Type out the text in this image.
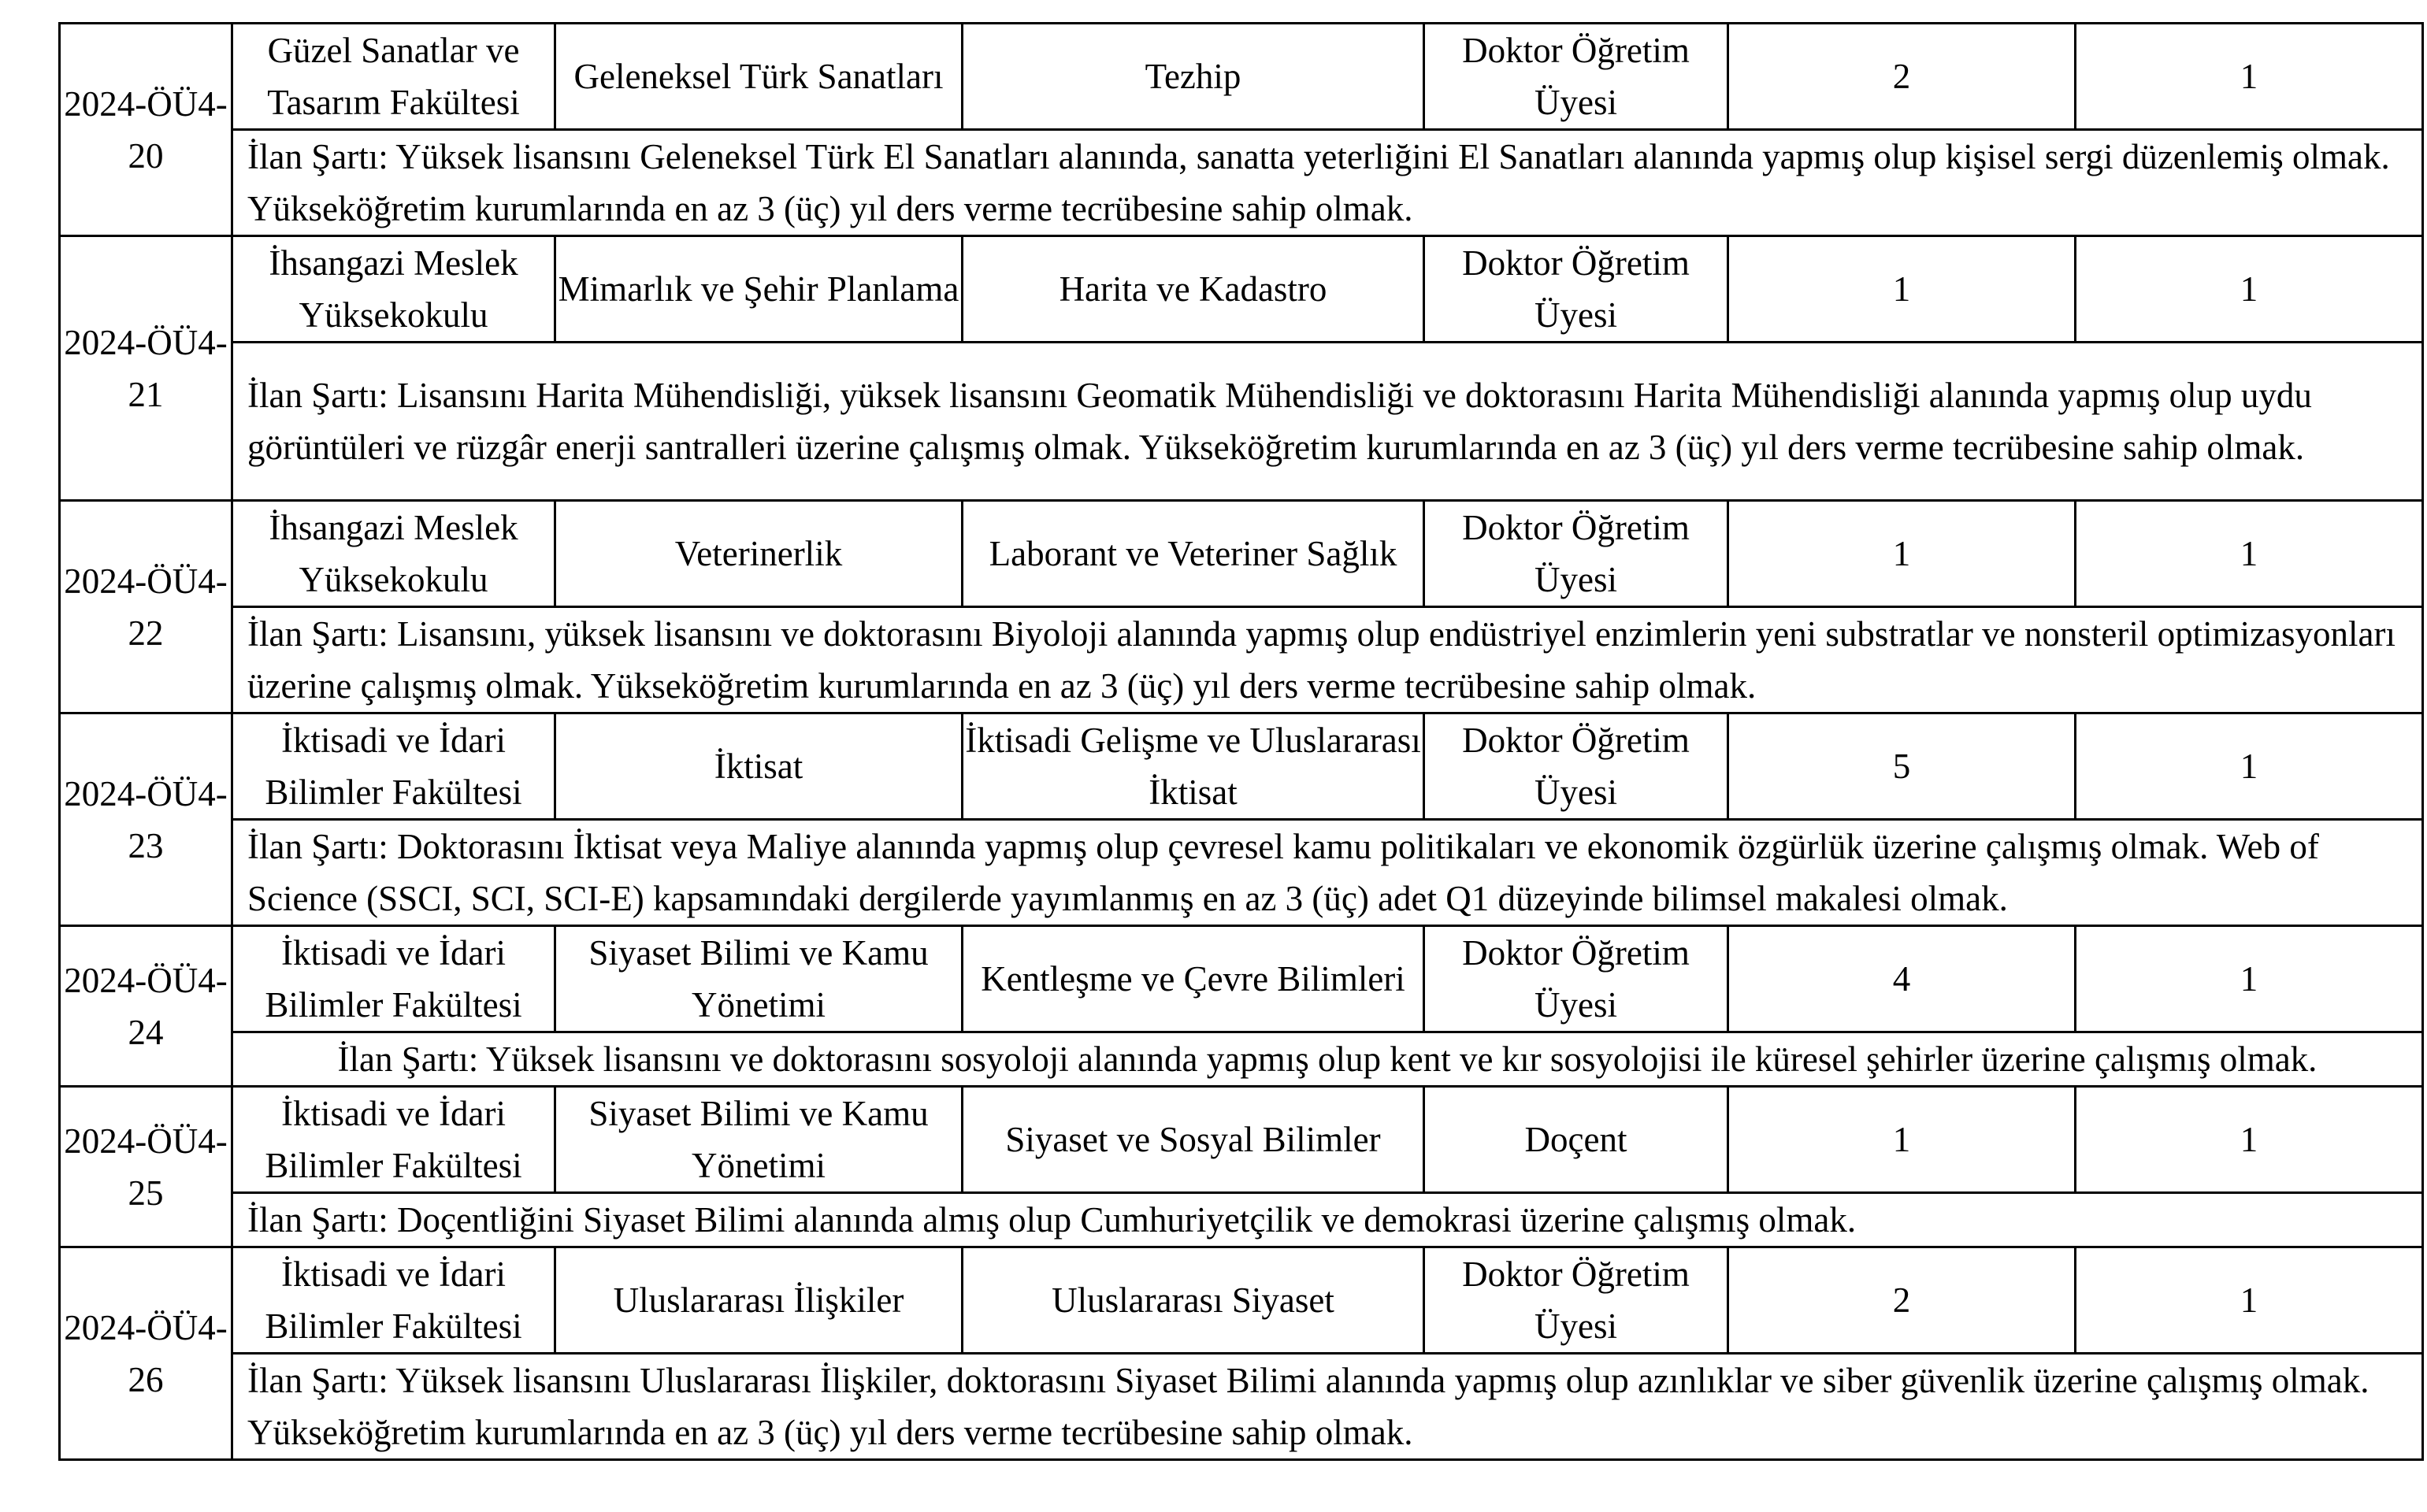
2024-ÖÜ4-20	Güzel Sanatlar ve Tasarım Fakültesi	Geleneksel Türk Sanatları	Tezhip	Doktor Öğretim Üyesi	2	1
	İlan Şartı: Yüksek lisansını Geleneksel Türk El Sanatları alanında, sanatta yeterliğini El Sanatları alanında yapmış olup kişisel sergi düzenlemiş olmak. Yükseköğretim kurumlarında en az 3 (üç) yıl ders verme tecrübesine sahip olmak.					
2024-ÖÜ4-21	İhsangazi Meslek Yüksekokulu	Mimarlık ve Şehir Planlama	Harita ve Kadastro	Doktor Öğretim Üyesi	1	1
	İlan Şartı: Lisansını Harita Mühendisliği, yüksek lisansını Geomatik Mühendisliği ve doktorasını Harita Mühendisliği alanında yapmış olup uydu görüntüleri ve rüzgâr enerji santralleri üzerine çalışmış olmak. Yükseköğretim kurumlarında en az 3 (üç) yıl ders verme tecrübesine sahip olmak.					
2024-ÖÜ4-22	İhsangazi Meslek Yüksekokulu	Veterinerlik	Laborant ve Veteriner Sağlık	Doktor Öğretim Üyesi	1	1
	İlan Şartı: Lisansını, yüksek lisansını ve doktorasını Biyoloji alanında yapmış olup endüstriyel enzimlerin yeni substratlar ve nonsteril optimizasyonları üzerine çalışmış olmak. Yükseköğretim kurumlarında en az 3 (üç) yıl ders verme tecrübesine sahip olmak.					
2024-ÖÜ4-23	İktisadi ve İdari Bilimler Fakültesi	İktisat	İktisadi Gelişme ve Uluslararası İktisat	Doktor Öğretim Üyesi	5	1
	İlan Şartı: Doktorasını İktisat veya Maliye alanında yapmış olup çevresel kamu politikaları ve ekonomik özgürlük üzerine çalışmış olmak. Web of Science (SSCI, SCI, SCI-E) kapsamındaki dergilerde yayımlanmış en az 3 (üç) adet Q1 düzeyinde bilimsel makalesi olmak.					
2024-ÖÜ4-24	İktisadi ve İdari Bilimler Fakültesi	Siyaset Bilimi ve Kamu Yönetimi	Kentleşme ve Çevre Bilimleri	Doktor Öğretim Üyesi	4	1
	İlan Şartı: Yüksek lisansını ve doktorasını sosyoloji alanında yapmış olup kent ve kır sosyolojisi ile küresel şehirler üzerine çalışmış olmak.					
2024-ÖÜ4-25	İktisadi ve İdari Bilimler Fakültesi	Siyaset Bilimi ve Kamu Yönetimi	Siyaset ve Sosyal Bilimler	Doçent	1	1
	İlan Şartı: Doçentliğini Siyaset Bilimi alanında almış olup Cumhuriyetçilik ve demokrasi üzerine çalışmış olmak.					
2024-ÖÜ4-26	İktisadi ve İdari Bilimler Fakültesi	Uluslararası İlişkiler	Uluslararası Siyaset	Doktor Öğretim Üyesi	2	1
	İlan Şartı: Yüksek lisansını Uluslararası İlişkiler, doktorasını Siyaset Bilimi alanında yapmış olup azınlıklar ve siber güvenlik üzerine çalışmış olmak. Yükseköğretim kurumlarında en az 3 (üç) yıl ders verme tecrübesine sahip olmak.					
